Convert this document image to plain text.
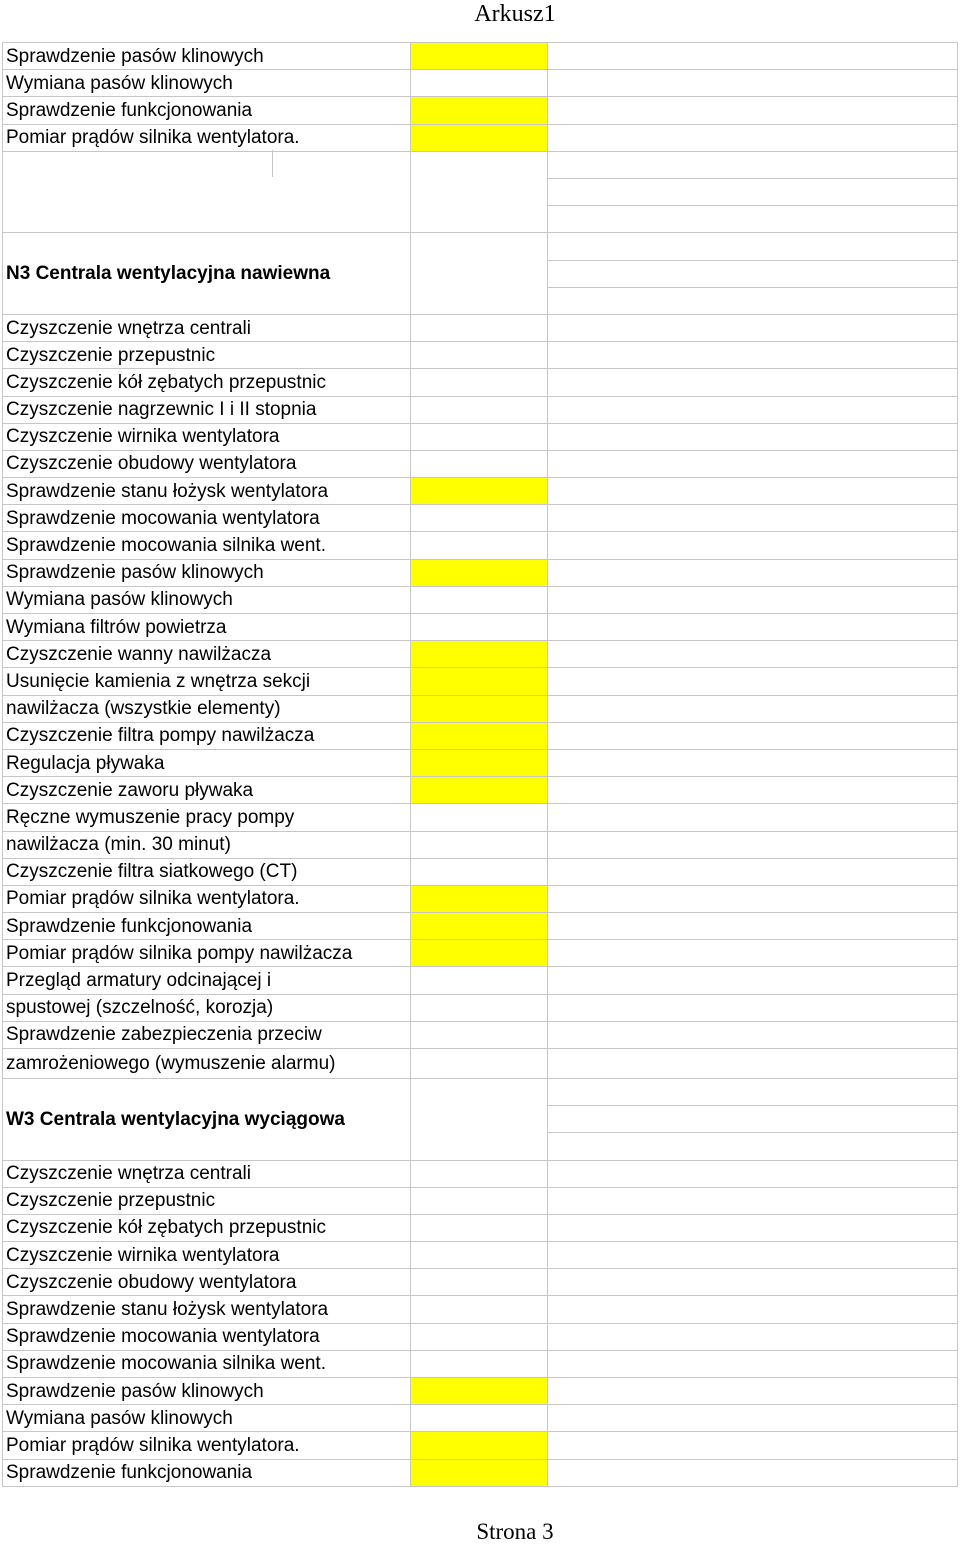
Arkusz1
Sprawdzenie pasów klinowych
Wymiana pasów klinowych
Sprawdzenie funkcjonowania
Pomiar prądów silnika wentylatora.
N3 Centrala wentylacyjna nawiewna
Czyszczenie wnętrza centrali
Czyszczenie przepustnic
Czyszczenie kół zębatych przepustnic
Czyszczenie nagrzewnic I i II stopnia
Czyszczenie wirnika wentylatora
Czyszczenie obudowy wentylatora
Sprawdzenie stanu łożysk wentylatora
Sprawdzenie mocowania wentylatora
Sprawdzenie mocowania silnika went.
Sprawdzenie pasów klinowych
Wymiana pasów klinowych
Wymiana filtrów powietrza
Czyszczenie wanny nawilżacza
Usunięcie kamienia z wnętrza sekcji
nawilżacza (wszystkie elementy)
Czyszczenie filtra pompy nawilżacza
Regulacja pływaka
Czyszczenie zaworu pływaka
Ręczne wymuszenie pracy pompy
nawilżacza (min. 30 minut)
Czyszczenie filtra siatkowego (CT)
Pomiar prądów silnika wentylatora.
Sprawdzenie funkcjonowania
Pomiar prądów silnika pompy nawilżacza
Przegląd armatury odcinającej i
spustowej (szczelność, korozja)
Sprawdzenie zabezpieczenia przeciw
zamrożeniowego (wymuszenie alarmu)
W3 Centrala wentylacyjna wyciągowa
Czyszczenie wnętrza centrali
Czyszczenie przepustnic
Czyszczenie kół zębatych przepustnic
Czyszczenie wirnika wentylatora
Czyszczenie obudowy wentylatora
Sprawdzenie stanu łożysk wentylatora
Sprawdzenie mocowania wentylatora
Sprawdzenie mocowania silnika went.
Sprawdzenie pasów klinowych
Wymiana pasów klinowych
Pomiar prądów silnika wentylatora.
Sprawdzenie funkcjonowania
Strona 3
